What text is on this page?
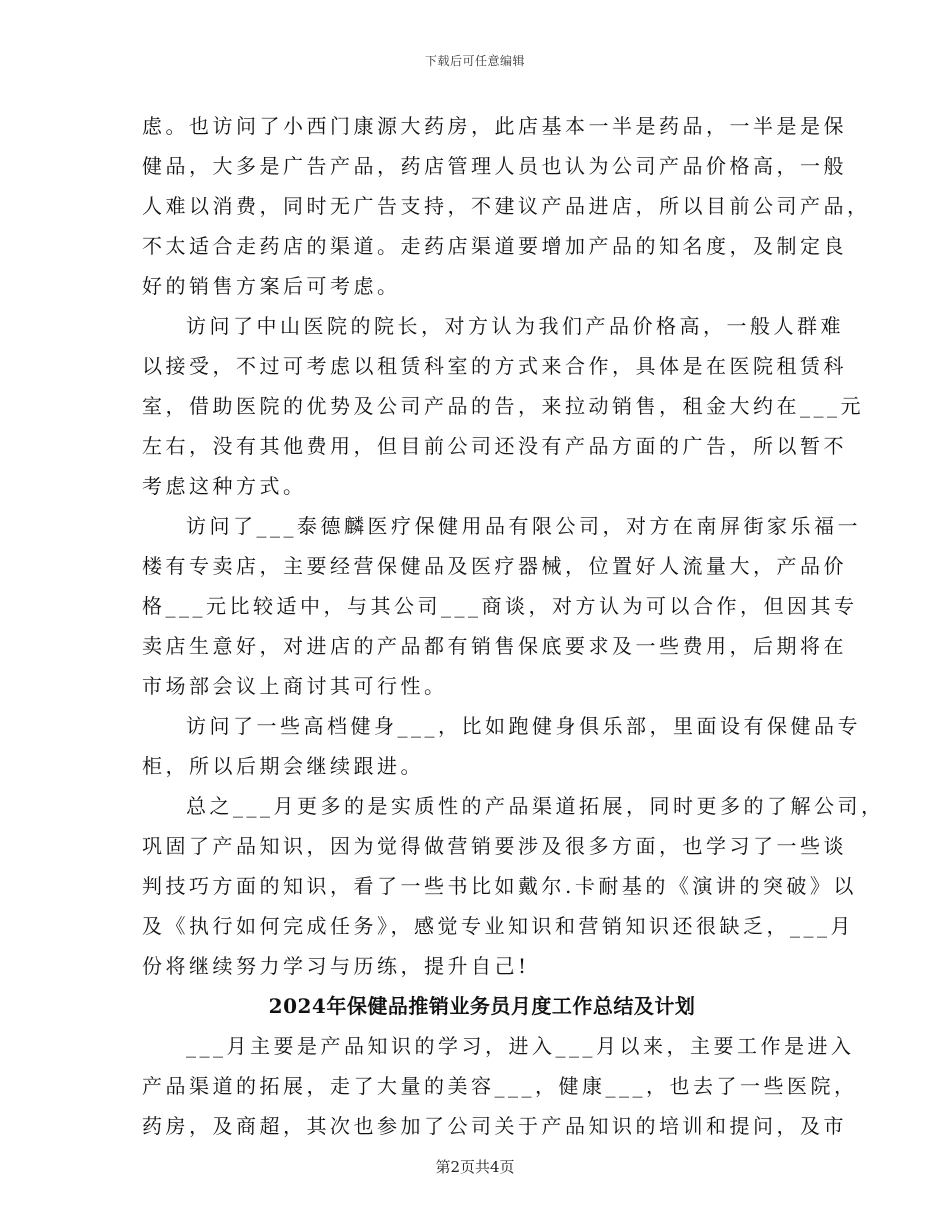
下载后可任意编辑
虑。也访问了小西门康源大药房，此店基本一半是药品，一半是是保
健品，大多是广告产品，药店管理人员也认为公司产品价格高，一般
人难以消费，同时无广告支持，不建议产品进店，所以目前公司产品，
不太适合走药店的渠道。走药店渠道要增加产品的知名度，及制定良
好的销售方案后可考虑。
访问了中山医院的院长，对方认为我们产品价格高，一般人群难
以接受，不过可考虑以租赁科室的方式来合作，具体是在医院租赁科
室，借助医院的优势及公司产品的告，来拉动销售，租金大约在___元
左右，没有其他费用，但目前公司还没有产品方面的广告，所以暂不
考虑这种方式。
访问了___泰德麟医疗保健用品有限公司，对方在南屏街家乐福一
楼有专卖店，主要经营保健品及医疗器械，位置好人流量大，产品价
格___元比较适中，与其公司___商谈，对方认为可以合作，但因其专
卖店生意好，对进店的产品都有销售保底要求及一些费用，后期将在
市场部会议上商讨其可行性。
访问了一些高档健身___，比如跑健身俱乐部，里面设有保健品专
柜，所以后期会继续跟进。
总之___月更多的是实质性的产品渠道拓展，同时更多的了解公司，
巩固了产品知识，因为觉得做营销要涉及很多方面，也学习了一些谈
判技巧方面的知识，看了一些书比如戴尔.卡耐基的《演讲的突破》以
及《执行如何完成任务》，感觉专业知识和营销知识还很缺乏，___月
份将继续努力学习与历练，提升自己!
2024年保健品推销业务员月度工作总结及计划
___月主要是产品知识的学习，进入___月以来，主要工作是进入
产品渠道的拓展，走了大量的美容___，健康___，也去了一些医院，
药房，及商超，其次也参加了公司关于产品知识的培训和提问，及市
第2页共4页
